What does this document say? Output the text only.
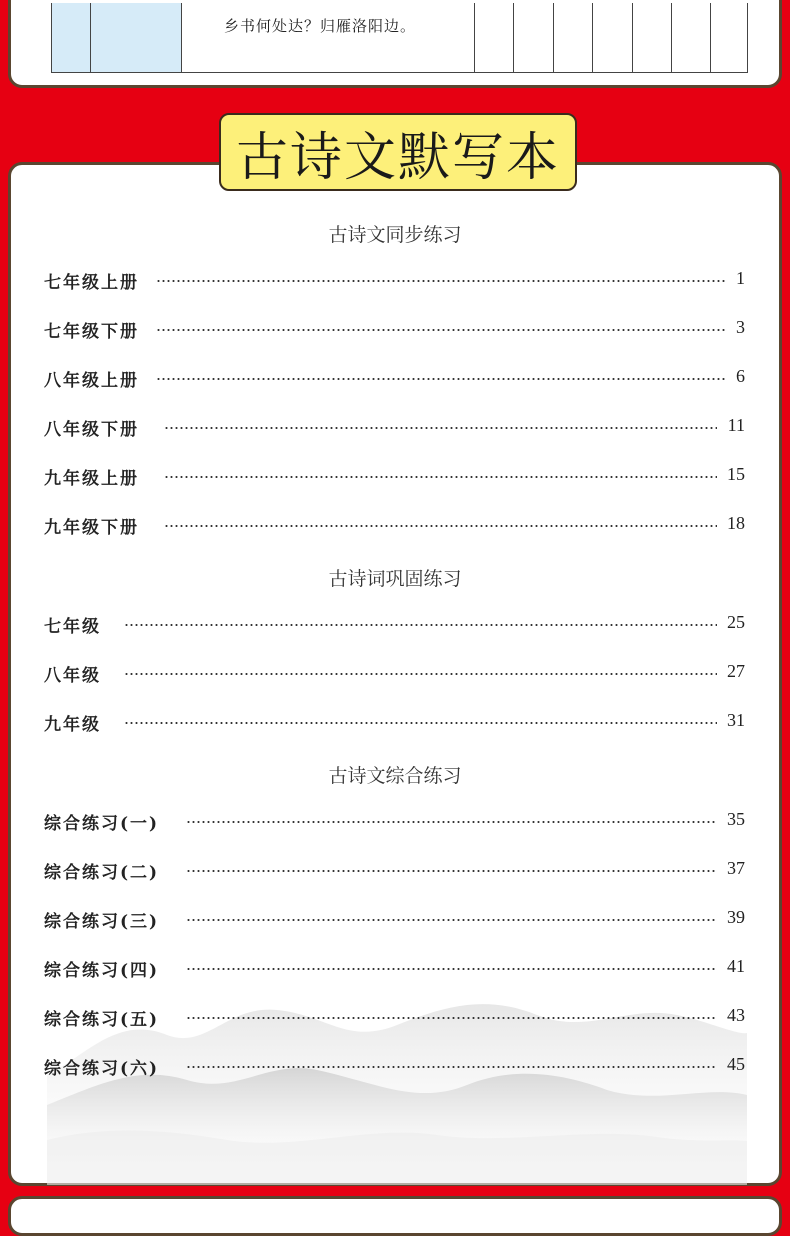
乡书何处达？归雁洛阳边。
古诗文默写本
古诗文同步练习
七年级上册	1
七年级下册	3
八年级上册	6
八年级下册	11
九年级上册	15
九年级下册	18
古诗词巩固练习
七年级	25
八年级	27
九年级	31
古诗文综合练习
综合练习(一)	35
综合练习(二)	37
综合练习(三)	39
综合练习(四)	41
综合练习(五)	43
综合练习(六)	45
